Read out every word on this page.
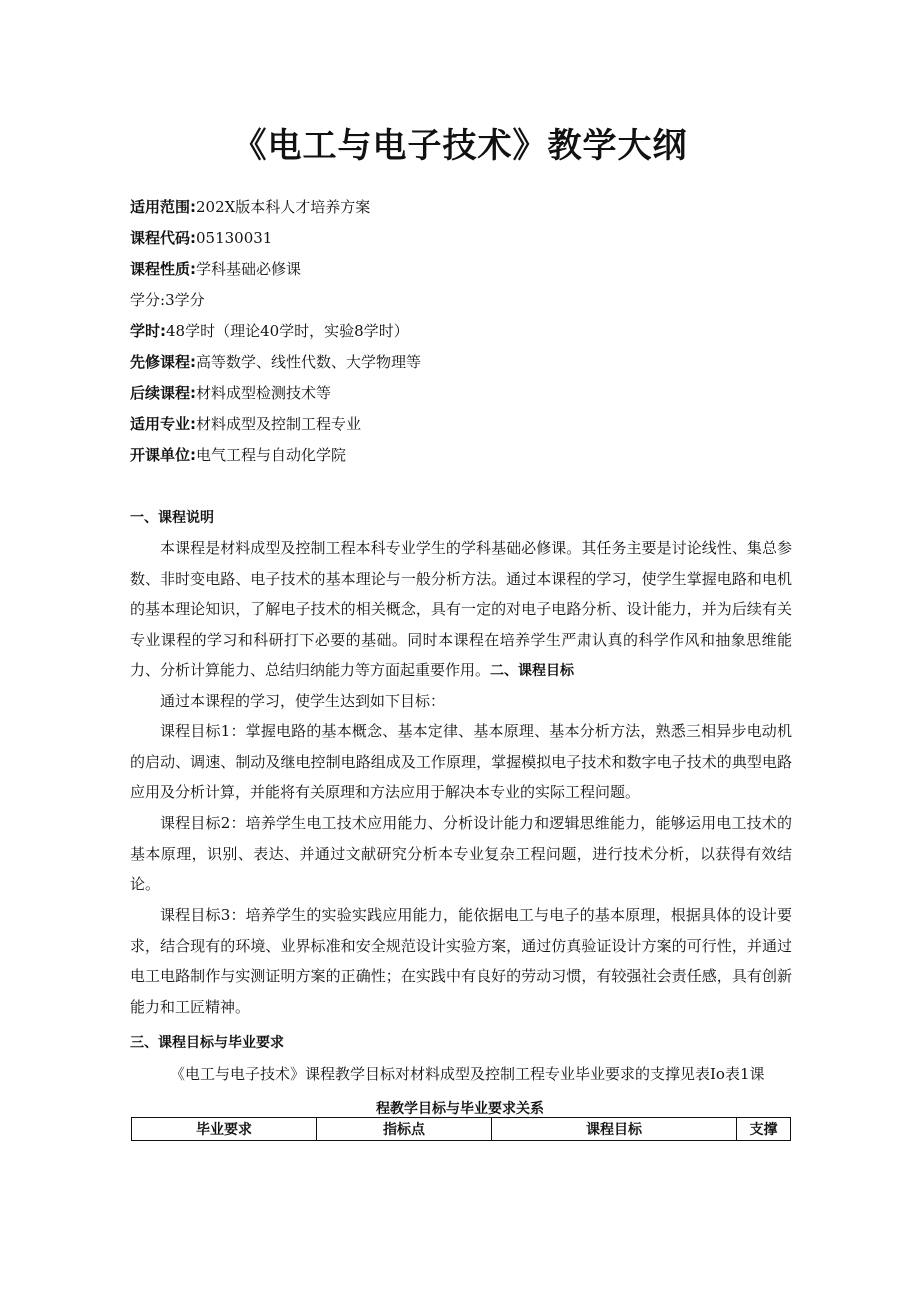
《电工与电子技术》教学大纲
适用范围:202X版本科人才培养方案
课程代码:05130031
课程性质:学科基础必修课
学分:3学分
学时:48学时（理论40学时，实验8学时）
先修课程:高等数学、线性代数、大学物理等
后续课程:材料成型检测技术等
适用专业:材料成型及控制工程专业
开课单位:电气工程与自动化学院
一、课程说明
本课程是材料成型及控制工程本科专业学生的学科基础必修课。其任务主要是讨论线性、集总参数、非时变电路、电子技术的基本理论与一般分析方法。通过本课程的学习，使学生掌握电路和电机的基本理论知识，了解电子技术的相关概念，具有一定的对电子电路分析、设计能力，并为后续有关专业课程的学习和科研打下必要的基础。同时本课程在培养学生严肃认真的科学作风和抽象思维能力、分析计算能力、总结归纳能力等方面起重要作用。二、课程目标
通过本课程的学习，使学生达到如下目标：
课程目标1：掌握电路的基本概念、基本定律、基本原理、基本分析方法，熟悉三相异步电动机的启动、调速、制动及继电控制电路组成及工作原理，掌握模拟电子技术和数字电子技术的典型电路应用及分析计算，并能将有关原理和方法应用于解决本专业的实际工程问题。
课程目标2：培养学生电工技术应用能力、分析设计能力和逻辑思维能力，能够运用电工技术的基本原理，识别、表达、并通过文献研究分析本专业复杂工程问题，进行技术分析，以获得有效结论。
课程目标3：培养学生的实验实践应用能力，能依据电工与电子的基本原理，根据具体的设计要求，结合现有的环境、业界标准和安全规范设计实验方案，通过仿真验证设计方案的可行性，并通过电工电路制作与实测证明方案的正确性；在实践中有良好的劳动习惯，有较强社会责任感，具有创新能力和工匠精神。
三、课程目标与毕业要求
《电工与电子技术》课程教学目标对材料成型及控制工程专业毕业要求的支撑见表Io表1课
程教学目标与毕业要求关系
毕业要求	指标点	课程目标	支撑
